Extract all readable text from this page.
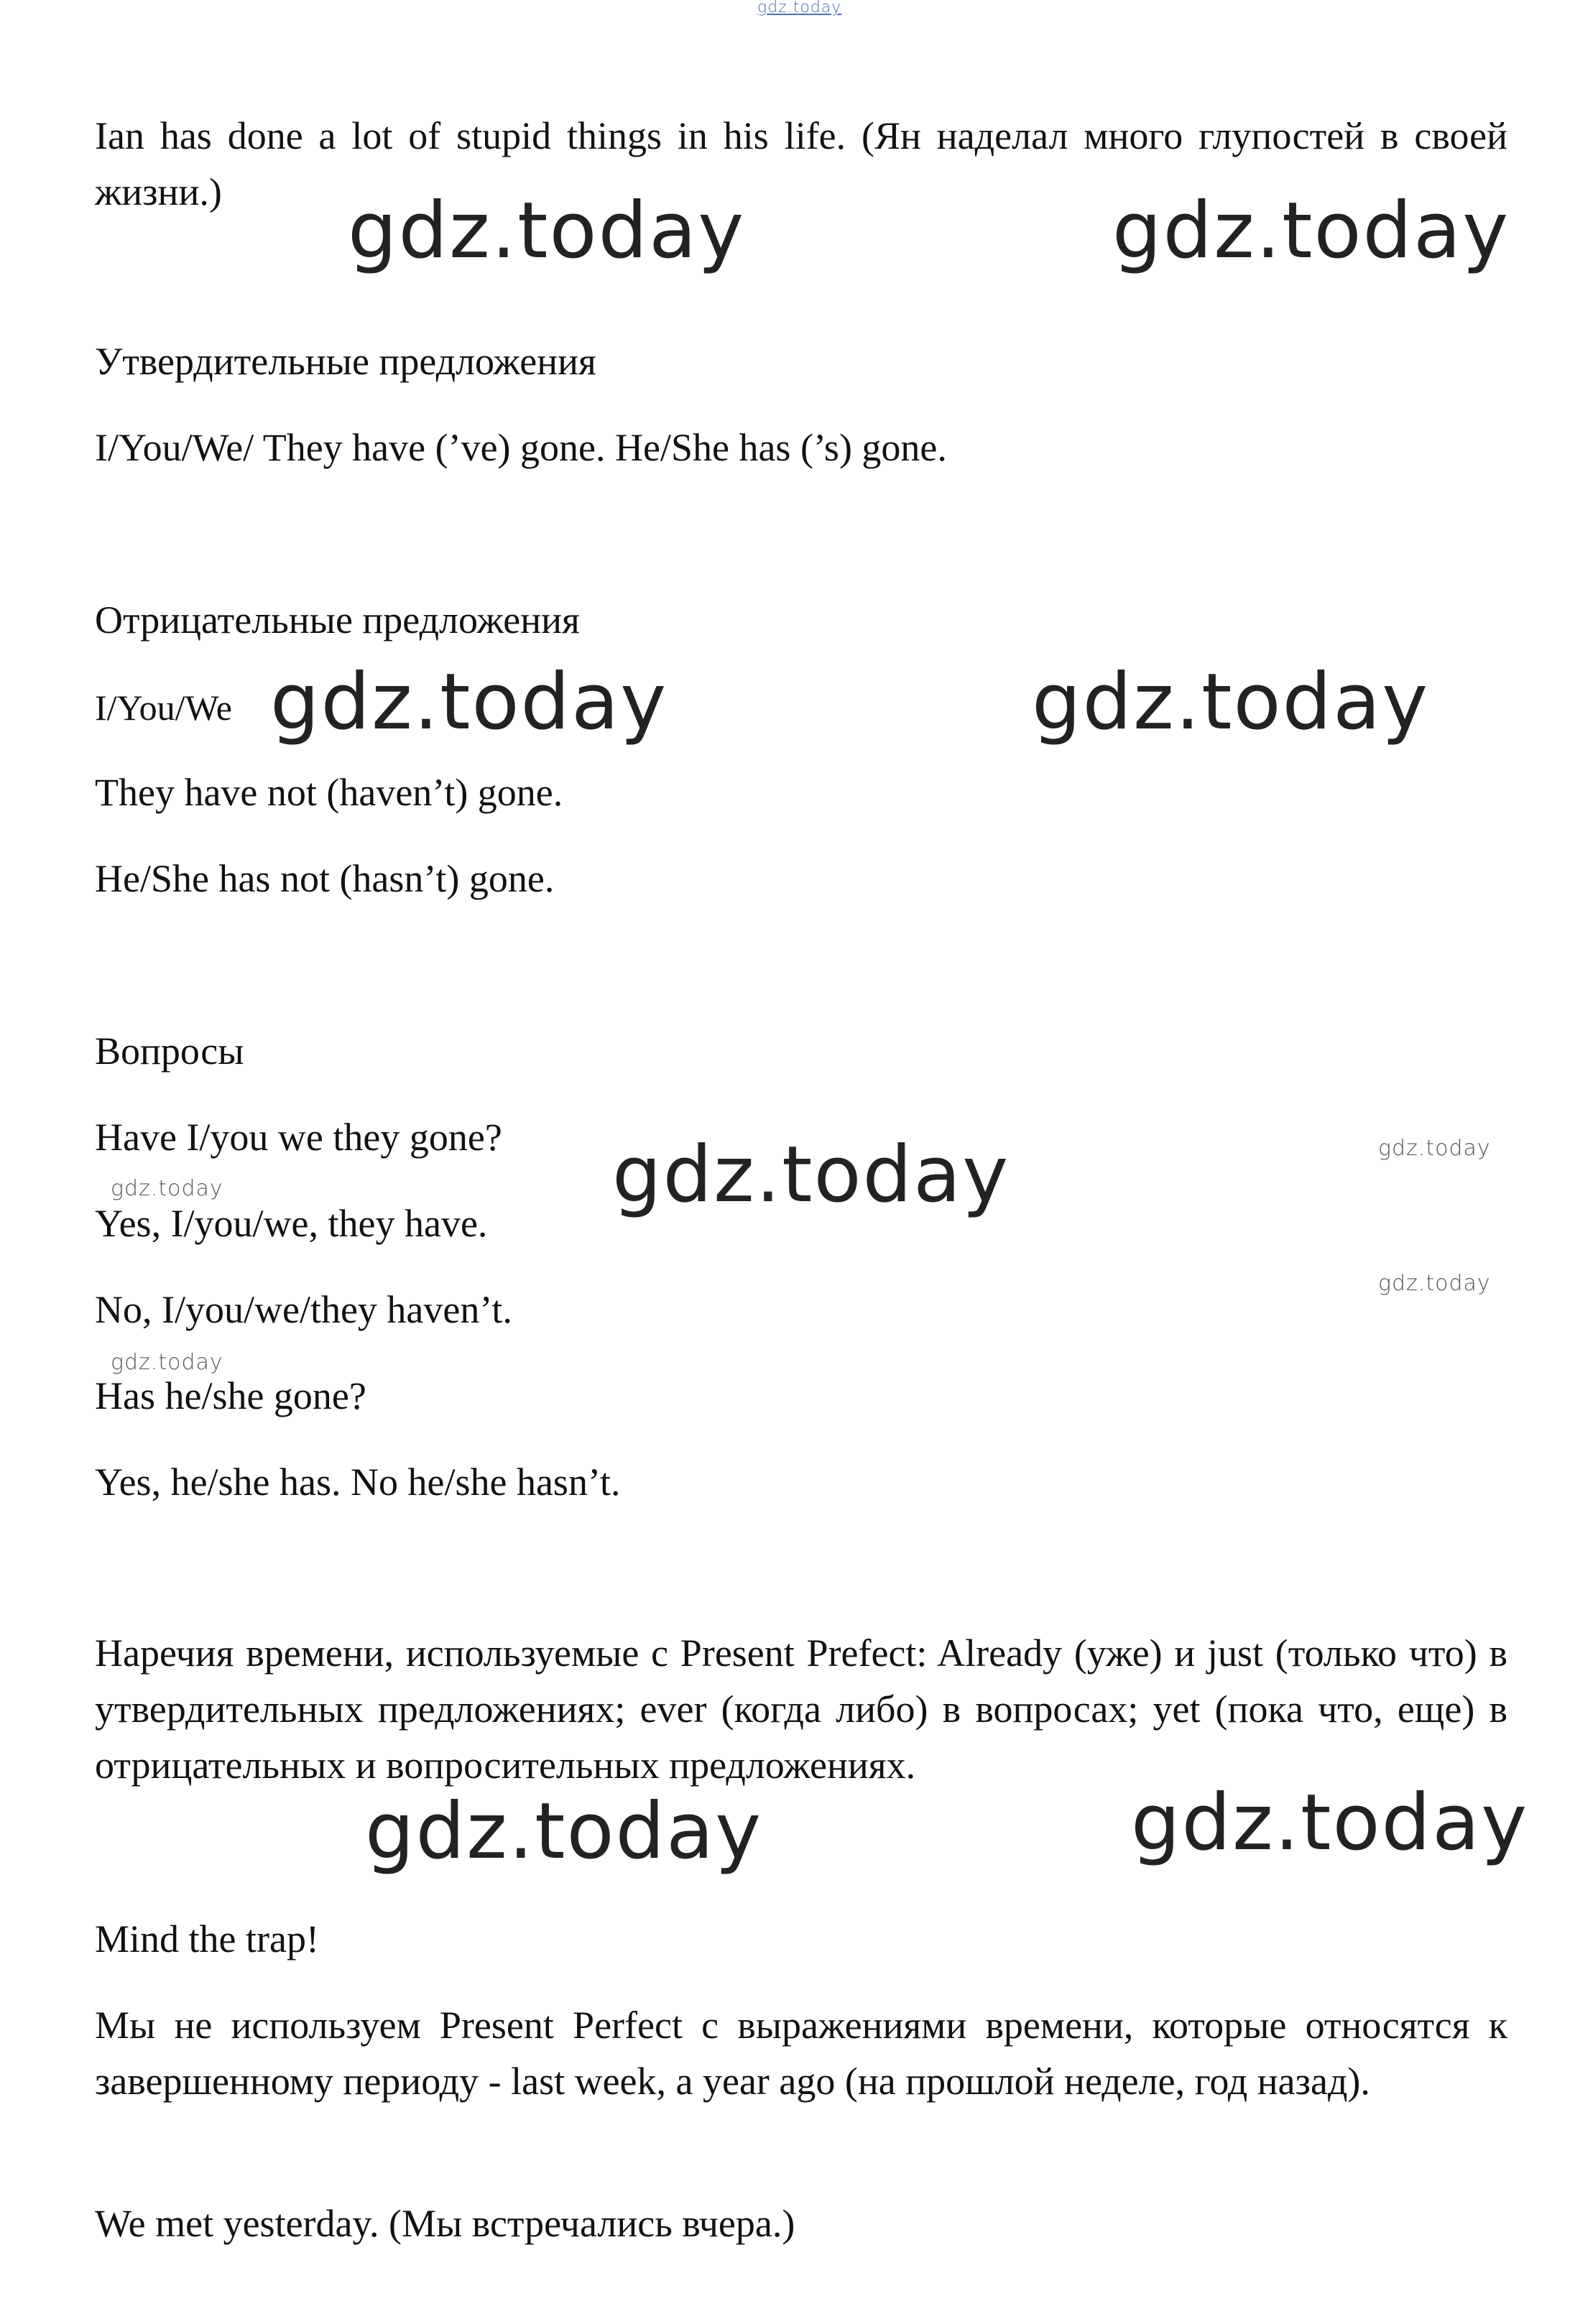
gdz.today

Ian has done a lot of stupid things in his life. (Ян наделал много глупостей в своей жизни.)	gdz.today	gdz.today

Утвердительные предложения

I/You/We/ They have (’ve) gone. He/She has (’s) gone.

Отрицательные предложения

I/You/We gdz.today	gdz.today

They have not (haven’t) gone.

He/She has not (hasn’t) gone.

Вопросы

Have I/you we they gone?	gdz.today	gdz.today
gdz.today

Yes, I/you/we, they have.

gdz.today

No, I/you/we/they haven’t.

gdz.today

Has he/she gone?

Yes, he/she has. No he/she hasn’t.

Наречия времени, используемые с Present Prefect: Already (уже) и just (только что) в утвердительных предложениях; ever (когда либо) в вопросах; yet (пока что, еще) в отрицательных и вопросительных предложениях.

gdz.today	gdz.today

Mind the trap!

Мы не используем Present Perfect с выражениями времени, которые относятся к завершенному периоду - last week, a year ago (на прошлой неделе, год назад).

We met yesterday. (Мы встречались вчера.)
